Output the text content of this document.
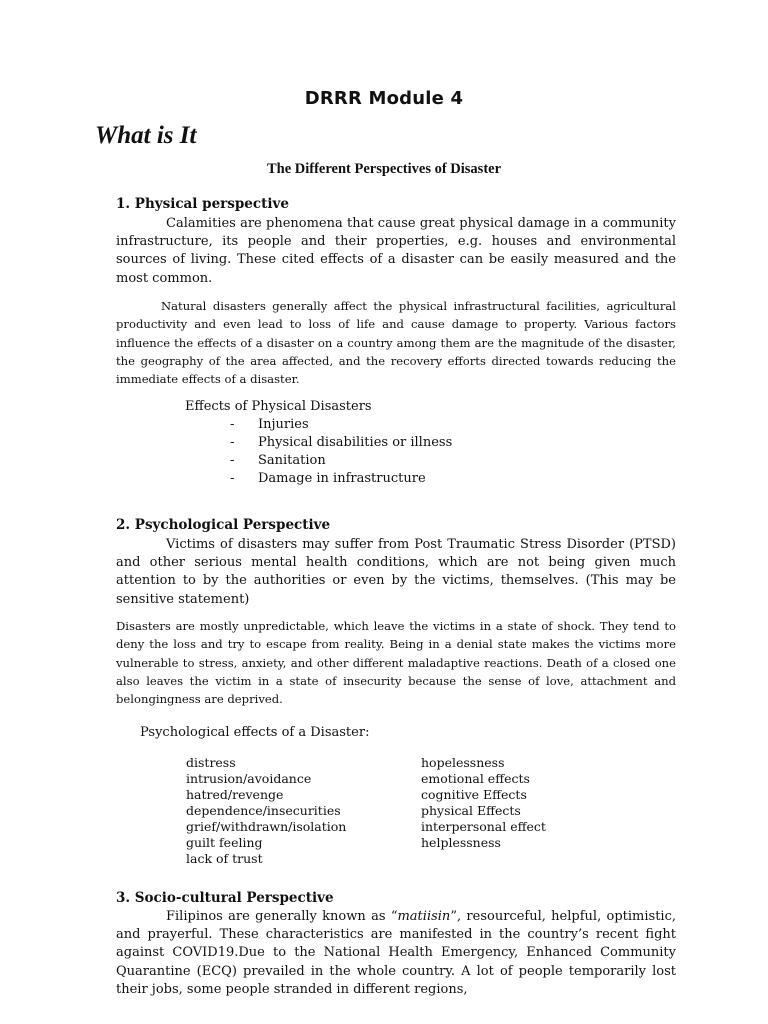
DRRR Module 4
What is It
The Different Perspectives of Disaster
1. Physical perspective

Calamities are phenomena that cause great physical damage in a community infrastructure, its people and their properties, e.g. houses and environmental sources of living. These cited effects of a disaster can be easily measured and the most common.

Natural disasters generally affect the physical infrastructural facilities, agricultural productivity and even lead to loss of life and cause damage to property. Various factors influence the effects of a disaster on a country among them are the magnitude of the disaster, the geography of the area affected, and the recovery efforts directed towards reducing the immediate effects of a disaster.

Effects of Physical Disasters
-	Injuries
-	Physical disabilities or illness
-	Sanitation
-	Damage in infrastructure
2. Psychological Perspective

Victims of disasters may suffer from Post Traumatic Stress Disorder (PTSD) and other serious mental health conditions, which are not being given much attention to by the authorities or even by the victims, themselves. (This may be sensitive statement)

Disasters are mostly unpredictable, which leave the victims in a state of shock. They tend to deny the loss and try to escape from reality. Being in a denial state makes the victims more vulnerable to stress, anxiety, and other different maladaptive reactions. Death of a closed one also leaves the victim in a state of insecurity because the sense of love, attachment and belongingness are deprived.

Psychological effects of a Disaster:
distress
intrusion/avoidance
hatred/revenge
dependence/insecurities
grief/withdrawn/isolation
guilt feeling
lack of trust
hopelessness
emotional effects
cognitive Effects
physical Effects
interpersonal effect
helplessness
3. Socio-cultural Perspective

Filipinos are generally known as “matiisin”, resourceful, helpful, optimistic, and prayerful. These characteristics are manifested in the country’s recent fight against COVID19.Due to the National Health Emergency, Enhanced Community Quarantine (ECQ) prevailed in the whole country. A lot of people temporarily lost their jobs, some people stranded in different regions,
